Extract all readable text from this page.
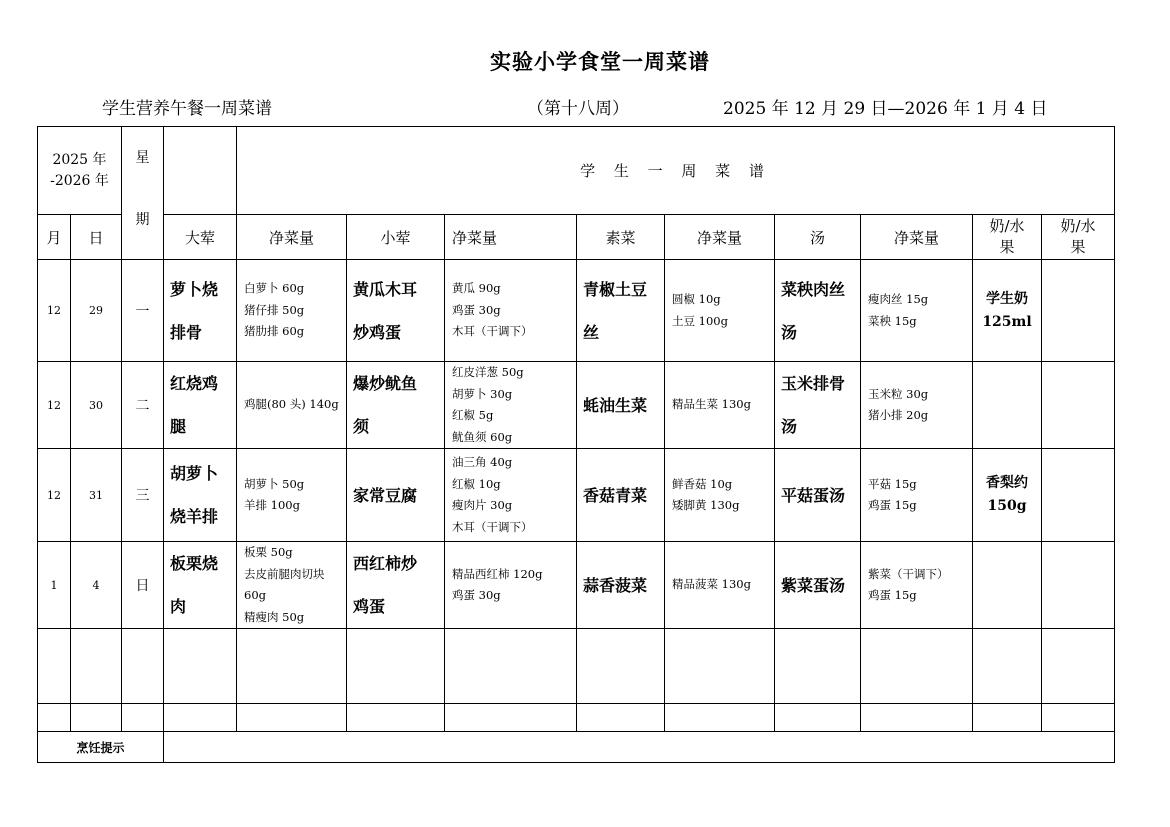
实验小学食堂一周菜谱
学生营养午餐一周菜谱	（第十八周）	2025 年 12 月 29 日—2026 年 1 月 4 日
2025 年
-2026 年		星
期		学 生 一 周 菜 谱								
月	日		大荤	净菜量	小荤	净菜量	素菜	净菜量	汤	净菜量	奶/水
果	奶/水
果

12	29	一	萝卜烧
排骨	白萝卜 60g
猪仔排 50g
猪肋排 60g	黄瓜木耳
炒鸡蛋	黄瓜 90g
鸡蛋 30g
木耳（干调下）	青椒土豆
丝	圆椒 10g
土豆 100g	菜秧肉丝
汤	瘦肉丝 15g
菜秧 15g	学生奶
125ml	

12	30	二	红烧鸡
腿	鸡腿(80 头) 140g	爆炒鱿鱼
须	红皮洋葱 50g
胡萝卜 30g
红椒 5g
鱿鱼须 60g	蚝油生菜	精品生菜 130g	玉米排骨
汤	玉米粒 30g
猪小排 20g		

12	31	三	胡萝卜
烧羊排	胡萝卜 50g
羊排 100g	家常豆腐	油三角 40g
红椒 10g
瘦肉片 30g
木耳（干调下）	香菇青菜	鲜香菇 10g
矮脚黄 130g	平菇蛋汤	平菇 15g
鸡蛋 15g	香梨约
150g	

1	4	日	板栗烧
肉	板栗 50g
去皮前腿肉切块
60g
精瘦肉 50g	西红柿炒
鸡蛋	精品西红柿 120g
鸡蛋 30g	蒜香菠菜	精品菠菜 130g	紫菜蛋汤	紫菜（干调下）
鸡蛋 15g		

烹饪提示												
